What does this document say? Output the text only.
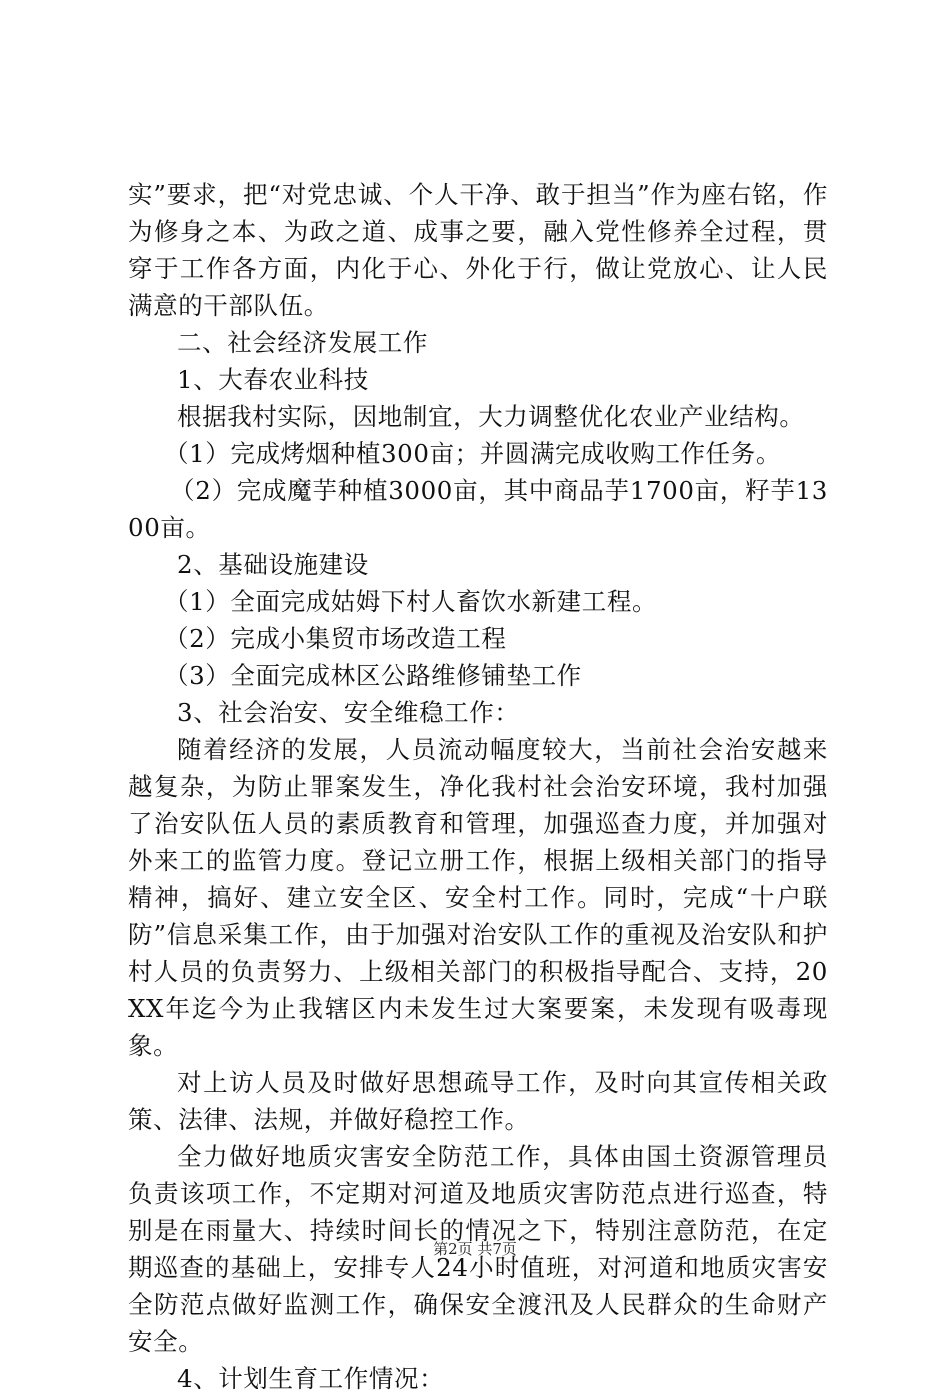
实”要求，把“对党忠诚、个人干净、敢于担当”作为座右铭，作为修身之本、为政之道、成事之要，融入党性修养全过程，贯穿于工作各方面，内化于心、外化于行，做让党放心、让人民满意的干部队伍。

二、社会经济发展工作

1、大春农业科技

根据我村实际，因地制宜，大力调整优化农业产业结构。

（1）完成烤烟种植300亩；并圆满完成收购工作任务。

（2）完成魔芋种植3000亩，其中商品芋1700亩，籽芋1300亩。

2、基础设施建设

（1）全面完成姑姆下村人畜饮水新建工程。

（2）完成小集贸市场改造工程

（3）全面完成林区公路维修铺垫工作

3、社会治安、安全维稳工作：

随着经济的发展，人员流动幅度较大，当前社会治安越来越复杂，为防止罪案发生，净化我村社会治安环境，我村加强了治安队伍人员的素质教育和管理，加强巡查力度，并加强对外来工的监管力度。登记立册工作，根据上级相关部门的指导精神，搞好、建立安全区、安全村工作。同时，完成“十户联防”信息采集工作，由于加强对治安队工作的重视及治安队和护村人员的负责努力、上级相关部门的积极指导配合、支持，20XX年迄今为止我辖区内未发生过大案要案，未发现有吸毒现象。

对上访人员及时做好思想疏导工作，及时向其宣传相关政策、法律、法规，并做好稳控工作。

全力做好地质灾害安全防范工作，具体由国土资源管理员负责该项工作，不定期对河道及地质灾害防范点进行巡查，特别是在雨量大、持续时间长的情况之下，特别注意防范，在定期巡查的基础上，安排专人24小时值班，对河道和地质灾害安全防范点做好监测工作，确保安全渡汛及人民群众的生命财产安全。

4、计划生育工作情况：

第2页 共7页
